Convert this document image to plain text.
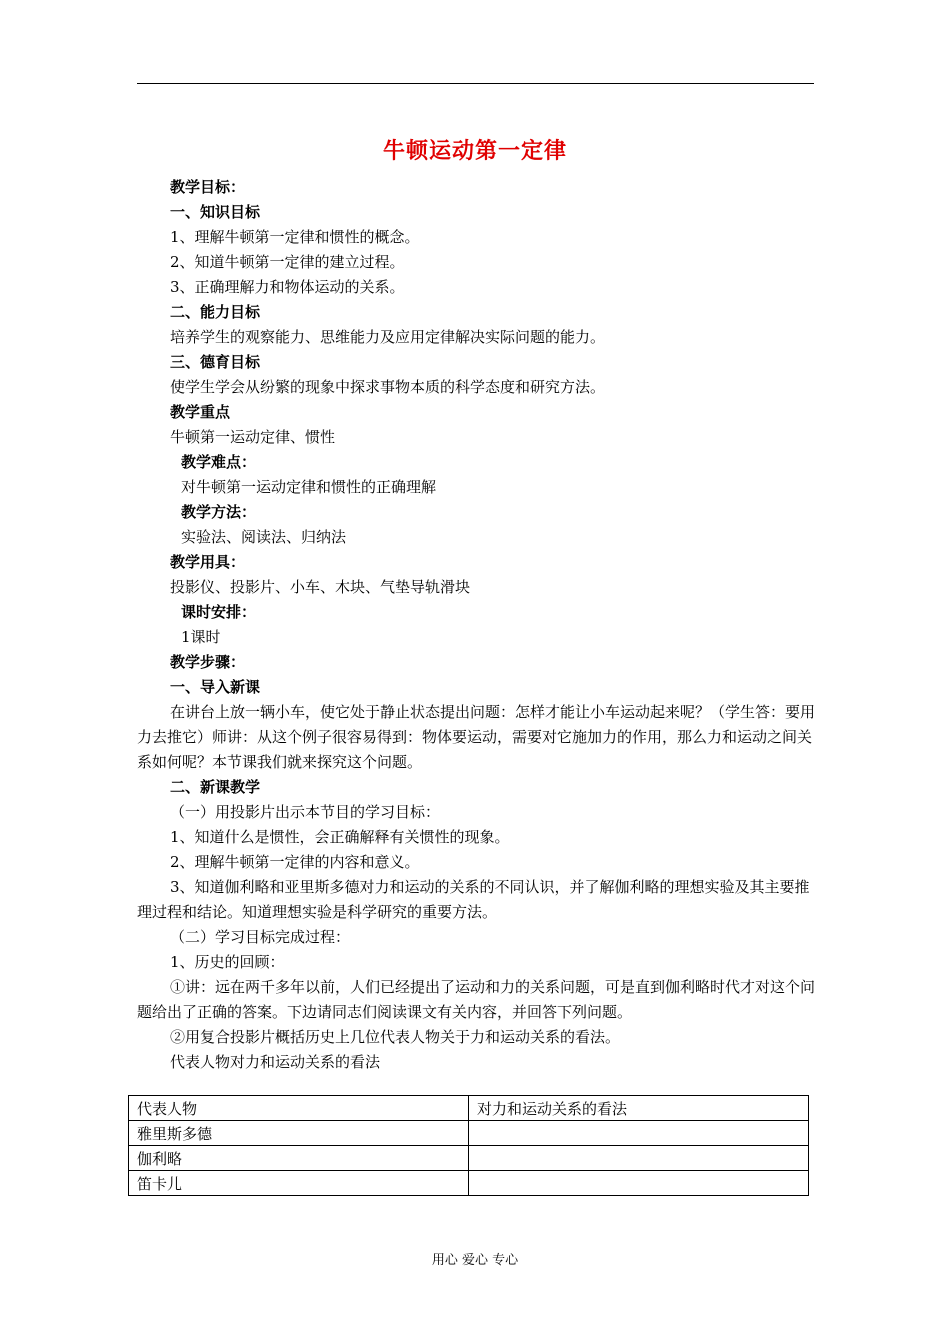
牛顿运动第一定律
教学目标：
一、知识目标
1、理解牛顿第一定律和惯性的概念。
2、知道牛顿第一定律的建立过程。
3、正确理解力和物体运动的关系。
二、能力目标
培养学生的观察能力、思维能力及应用定律解决实际问题的能力。
三、德育目标
使学生学会从纷繁的现象中探求事物本质的科学态度和研究方法。
教学重点
牛顿第一运动定律、惯性
教学难点：
对牛顿第一运动定律和惯性的正确理解
教学方法：
实验法、阅读法、归纳法
教学用具：
投影仪、投影片、小车、木块、气垫导轨滑块
课时安排：
1课时
教学步骤：
一、导入新课
在讲台上放一辆小车，使它处于静止状态提出问题：怎样才能让小车运动起来呢？（学生答：要用力去推它）师讲：从这个例子很容易得到：物体要运动，需要对它施加力的作用，那么力和运动之间关系如何呢？本节课我们就来探究这个问题。
二、新课教学
（一）用投影片出示本节目的学习目标：
1、知道什么是惯性，会正确解释有关惯性的现象。
2、理解牛顿第一定律的内容和意义。
3、知道伽利略和亚里斯多德对力和运动的关系的不同认识，并了解伽利略的理想实验及其主要推理过程和结论。知道理想实验是科学研究的重要方法。
（二）学习目标完成过程：
1、历史的回顾：
①讲：远在两千多年以前，人们已经提出了运动和力的关系问题，可是直到伽利略时代才对这个问题给出了正确的答案。下边请同志们阅读课文有关内容，并回答下列问题。
②用复合投影片概括历史上几位代表人物关于力和运动关系的看法。
代表人物对力和运动关系的看法
代表人物	对力和运动关系的看法
雅里斯多德	
伽利略	
笛卡儿	
用心 爱心 专心
